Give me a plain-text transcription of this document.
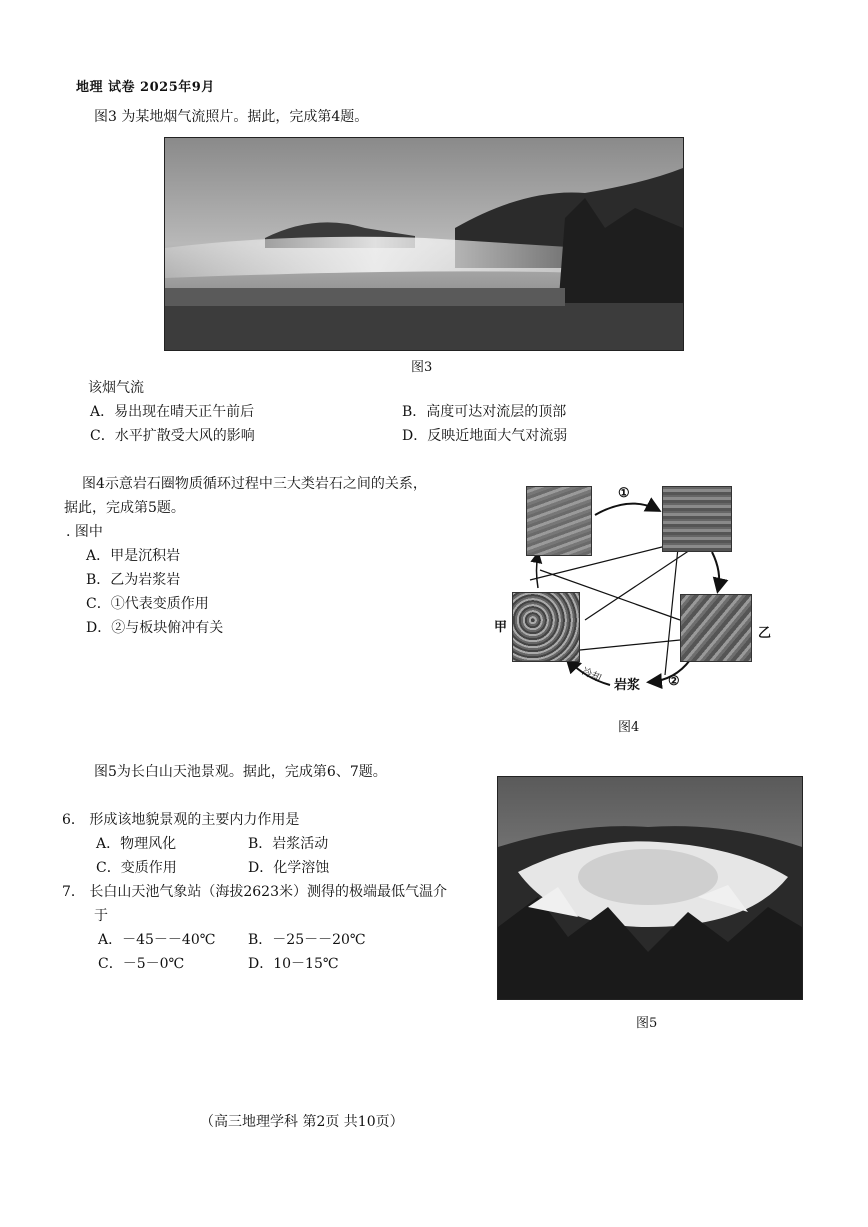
地理 试卷 2025年9月
图3 为某地烟气流照片。据此，完成第4题。
图3
该烟气流
A．易出现在晴天正午前后	B．高度可达对流层的顶部
C．水平扩散受大风的影响	D．反映近地面大气对流弱
图4示意岩石圈物质循环过程中三大类岩石之间的关系，
据此，完成第5题。
. 图中
A．甲是沉积岩
B．乙为岩浆岩
C．①代表变质作用
D．②与板块俯冲有关	甲	乙
岩浆
冷却
①
②
图4
图5为长白山天池景观。据此，完成第6、7题。
6． 形成该地貌景观的主要内力作用是
A．物理风化	B．岩浆活动
C．变质作用	D．化学溶蚀
7． 长白山天池气象站（海拔2623米）测得的极端最低气温介
于
A．－45－－40℃ B．－25－－20℃
C．－5－0℃	D．10－15℃
图5
（高三地理学科 第2页 共10页）
